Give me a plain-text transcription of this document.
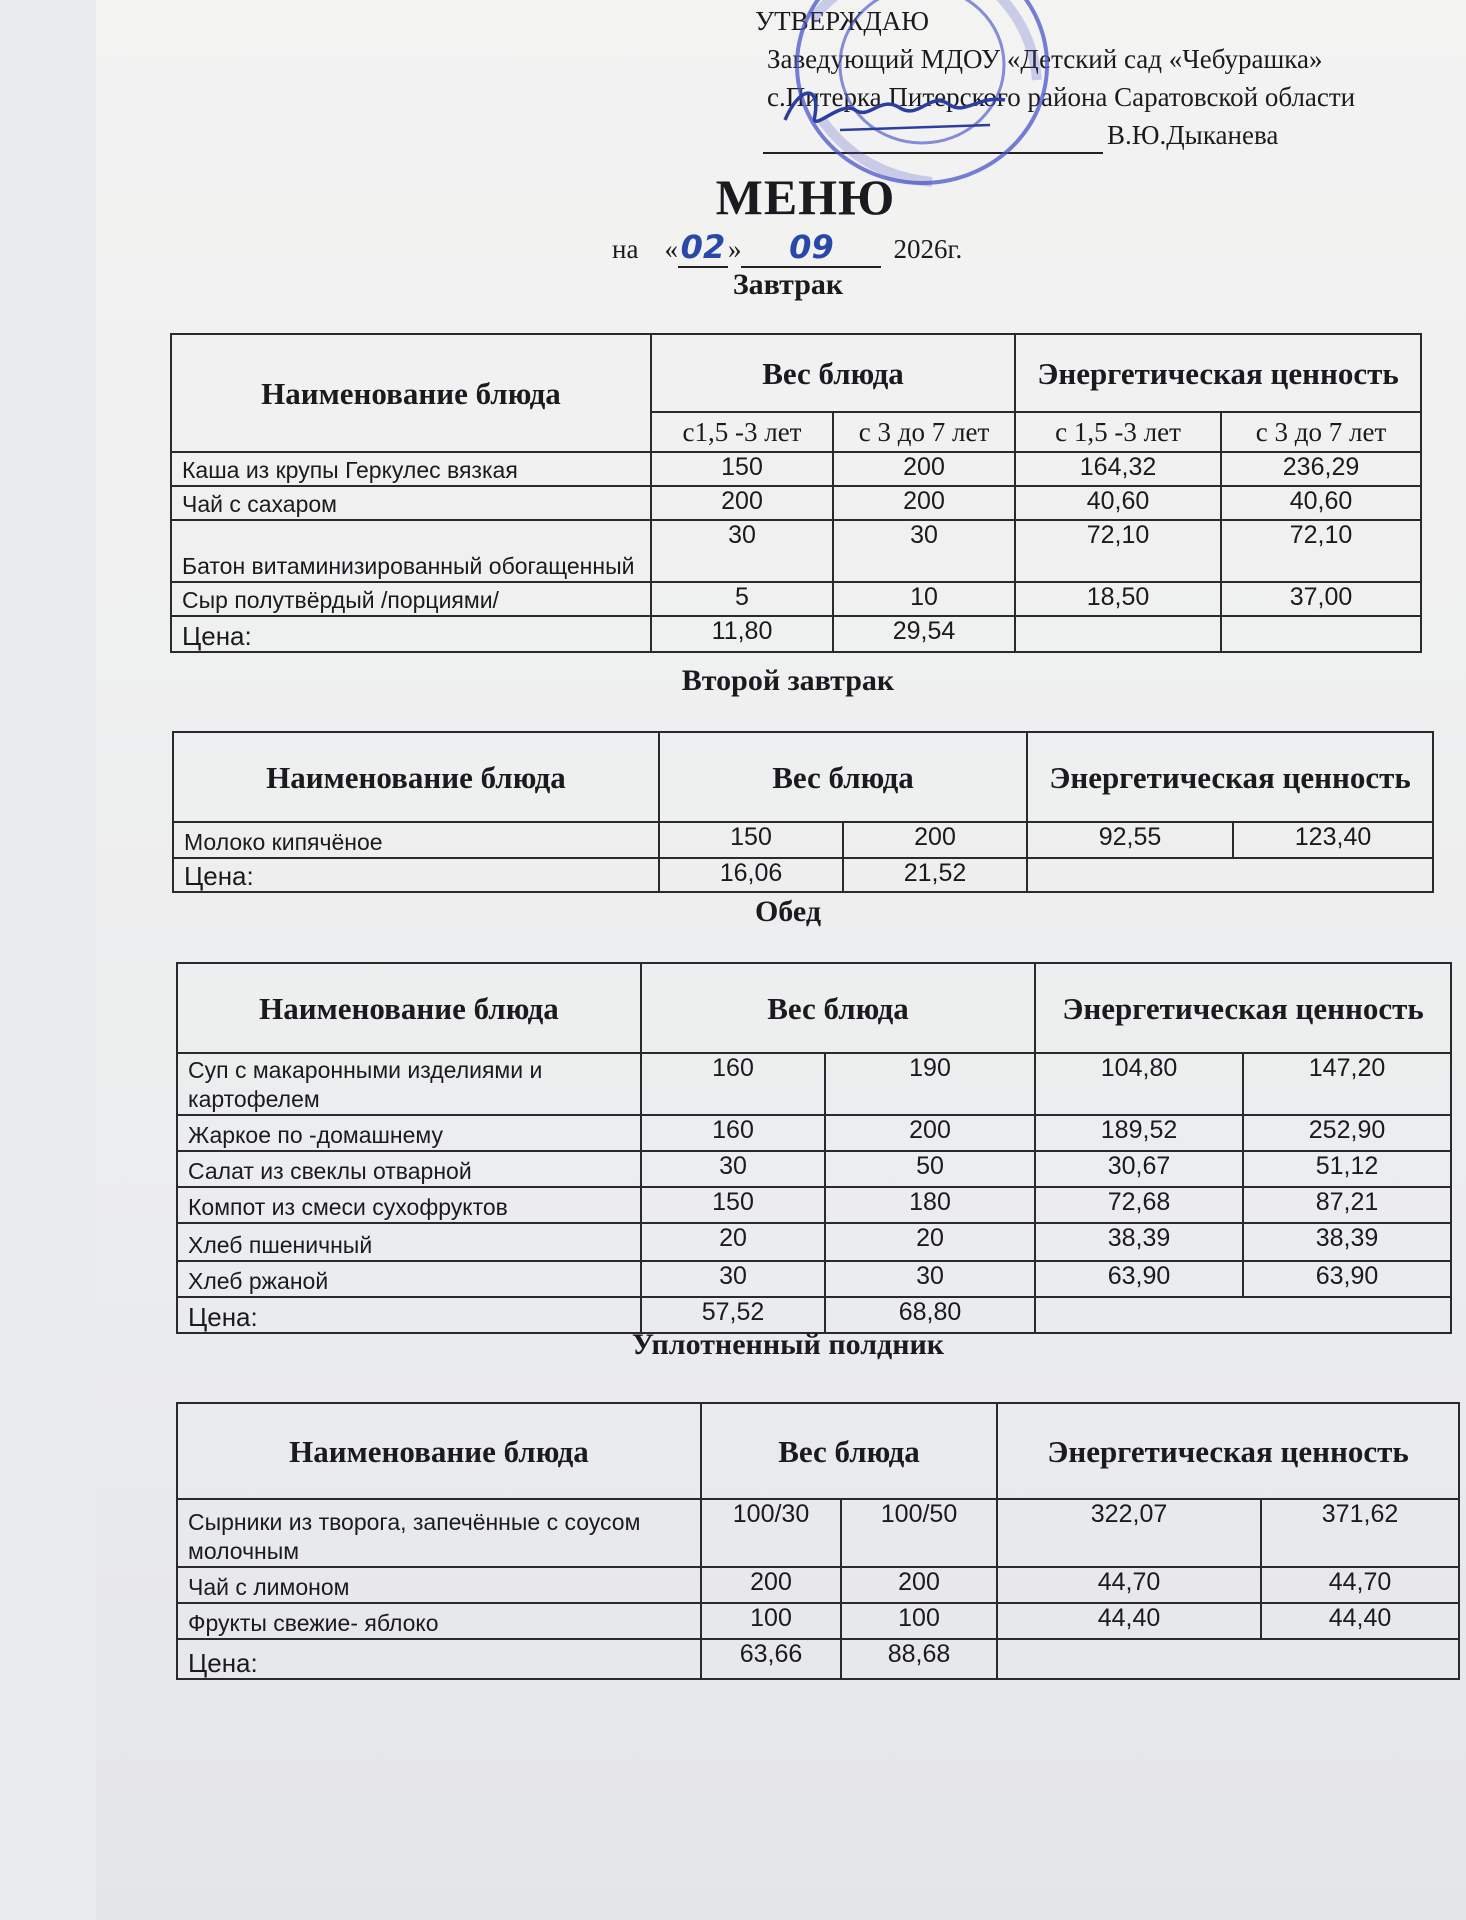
УТВЕРЖДАЮ
Заведующий МДОУ «Детский сад «Чебурашка»
с.Питерка Питерского района Саратовской области
В.Ю.Дыканева
МЕНЮ
на « 02 »	09	2026г.
Завтрак
Наименование блюда	Вес блюда		Энергетическая ценность	
	с1,5 -3 лет	с 3 до 7 лет	с 1,5 -3 лет	с 3 до 7 лет
Каша из крупы Геркулес вязкая	150	200	164,32	236,29
Чай с сахаром	200	200	40,60	40,60
Батон витаминизированный обогащенный	30	30	72,10	72,10
Сыр полутвёрдый /порциями/	5	10	18,50	37,00
Цена:	11,80	29,54		
Второй завтрак
Наименование блюда	Вес блюда		Энергетическая ценность	
Молоко кипячёное	150	200	92,55	123,40
Цена:	16,06	21,52		
Обед
Наименование блюда	Вес блюда		Энергетическая ценность	
Суп с макаронными изделиями и картофелем	160	190	104,80	147,20
Жаркое по -домашнему	160	200	189,52	252,90
Салат из свеклы отварной	30	50	30,67	51,12
Компот из смеси сухофруктов	150	180	72,68	87,21
Хлеб пшеничный	20	20	38,39	38,39
Хлеб ржаной	30	30	63,90	63,90
Цена:	57,52	68,80		
Уплотненный полдник
Наименование блюда	Вес блюда		Энергетическая ценность	
Сырники из творога, запечённые с соусом молочным	100/30	100/50	322,07	371,62
Чай с лимоном	200	200	44,70	44,70
Фрукты свежие- яблоко	100	100	44,40	44,40
Цена:	63,66	88,68		
